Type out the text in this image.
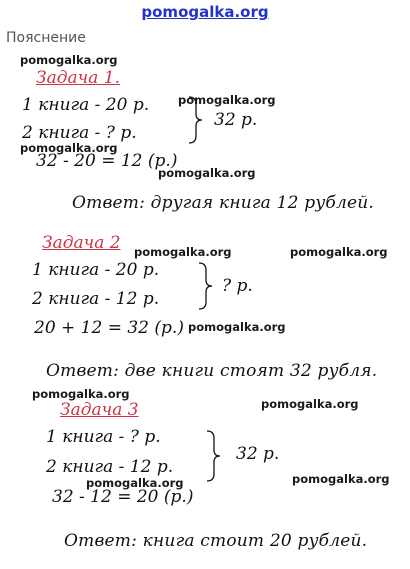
pomogalka.org
Пояснение
Задача 1.
1 книга - 20 р.
2 книга - ? р.
32 р.
32 - 20 = 12 (р.)
Ответ: другая книга 12 рублей.
Задача 2
1 книга - 20 р.
2 книга - 12 р.
? р.
20 + 12 = 32 (р.)
Ответ: две книги стоят 32 рубля.
Задача 3
1 книга - ? р.
2 книга - 12 р.
32 р.
32 - 12 = 20 (р.)
Ответ: книга стоит 20 рублей.
pomogalka.org
pomogalka.org
pomogalka.org
pomogalka.org
pomogalka.org	pomogalka.org
pomogalka.org
pomogalka.org
pomogalka.org
pomogalka.org	pomogalka.org
